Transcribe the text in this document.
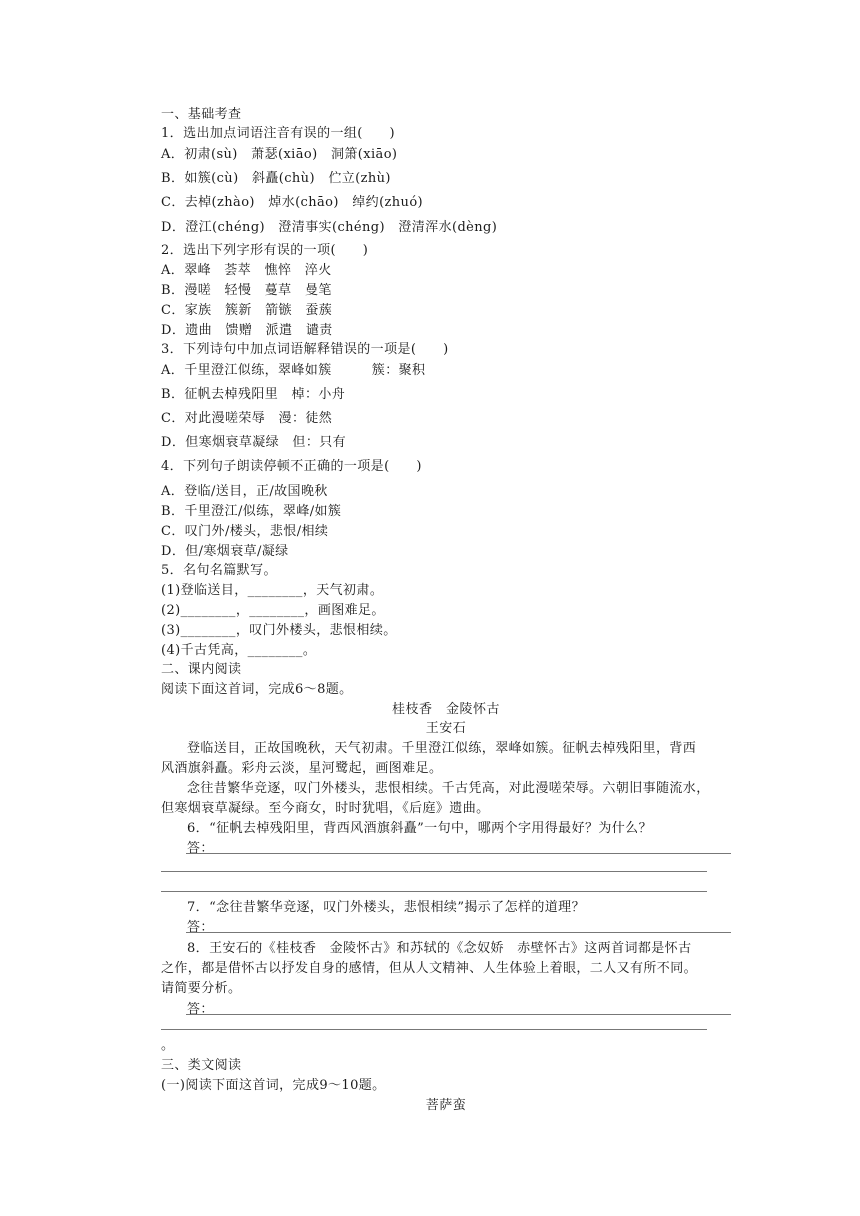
一、基础考查
1．选出加点词语注音有误的一组(　　)
A．初肃(sù)　萧瑟(xiāo)　洞箫(xiāo)
B．如簇(cù)　斜矗(chù)　伫立(zhù)
C．去棹(zhào)　焯水(chāo)　绰约(zhuó)
D．澄江(chéng)　澄清事实(chéng)　澄清浑水(dèng)
2．选出下列字形有误的一项(　　)
A．翠峰　荟萃　憔悴　淬火
B．漫嗟　轻慢　蔓草　曼笔
C．家族　簇新　箭镞　蚕蔟
D．遗曲　馈赠　派遣　谴责
3．下列诗句中加点词语解释错误的一项是(　　)
A．千里澄江似练，翠峰如簇　　　簇：聚积
B．征帆去棹残阳里　棹：小舟
C．对此漫嗟荣辱　漫：徒然
D．但寒烟衰草凝绿　但：只有
4．下列句子朗读停顿不正确的一项是(　　)
A．登临/送目，正/故国晚秋
B．千里澄江/似练，翠峰/如簇
C．叹门外/楼头，悲恨/相续
D．但/寒烟衰草/凝绿
5．名句名篇默写。
(1)登临送目，________，天气初肃。
(2)________，________，画图难足。
(3)________，叹门外楼头，悲恨相续。
(4)千古凭高，________。
二、课内阅读
阅读下面这首词，完成6～8题。
桂枝香　金陵怀古
王安石
登临送目，正故国晚秋，天气初肃。千里澄江似练，翠峰如簇。征帆去棹残阳里，背西
风酒旗斜矗。彩舟云淡，星河鹭起，画图难足。
念往昔繁华竞逐，叹门外楼头，悲恨相续。千古凭高，对此漫嗟荣辱。六朝旧事随流水，
但寒烟衰草凝绿。至今商女，时时犹唱，《后庭》遗曲。
6．“征帆去棹残阳里，背西风酒旗斜矗”一句中，哪两个字用得最好？为什么？
答：
7．“念往昔繁华竞逐，叹门外楼头，悲恨相续”揭示了怎样的道理？
答：
8．王安石的《桂枝香　金陵怀古》和苏轼的《念奴娇　赤壁怀古》这两首词都是怀古
之作，都是借怀古以抒发自身的感情，但从人文精神、人生体验上着眼，二人又有所不同。
请简要分析。
答：
。
三、类文阅读
(一)阅读下面这首词，完成9～10题。
菩萨蛮
